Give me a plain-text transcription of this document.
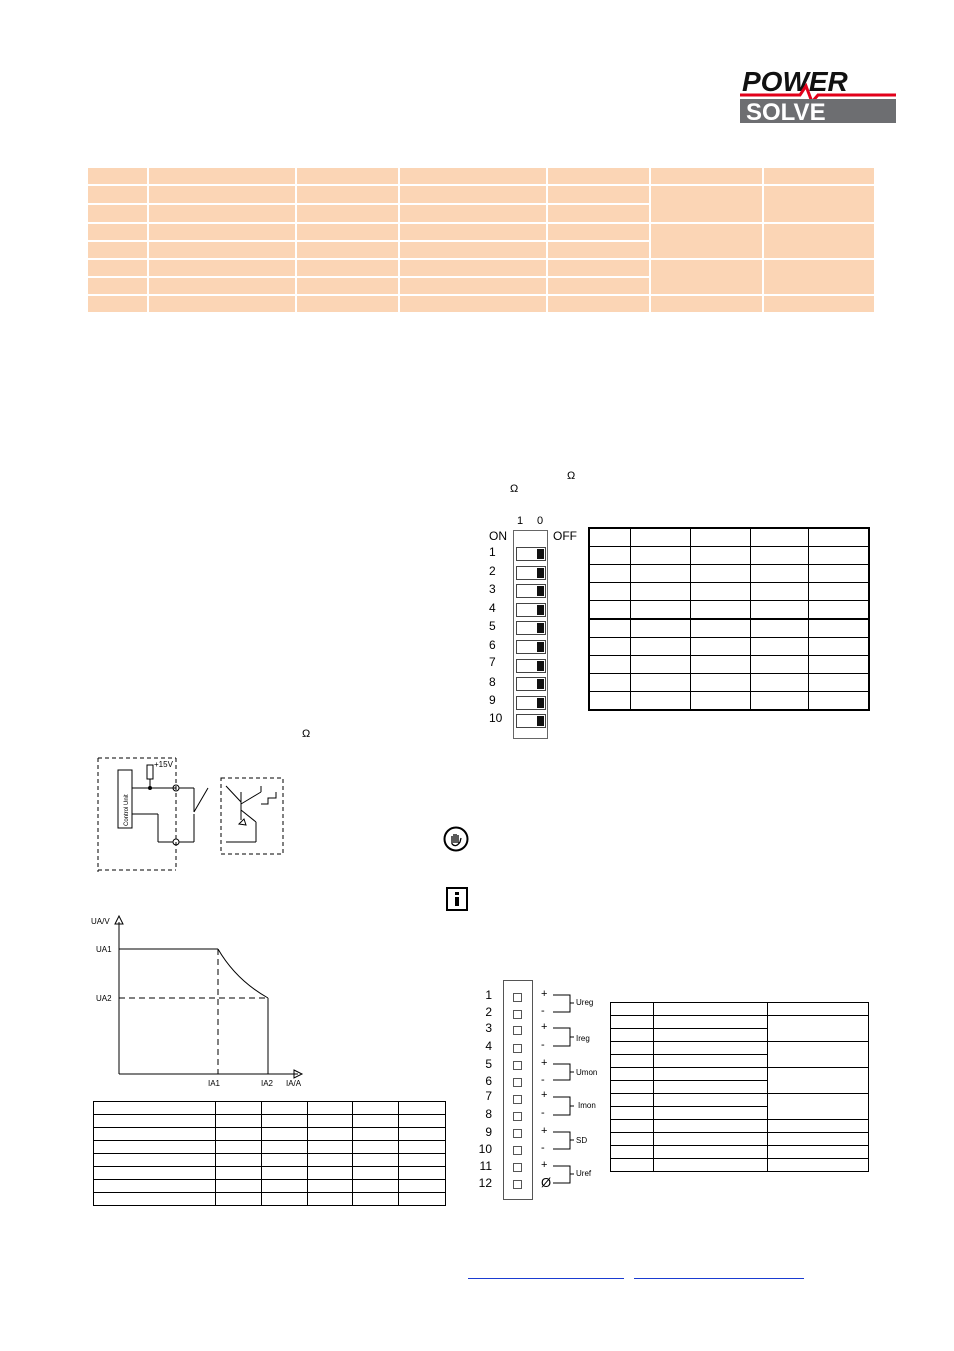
POWER
SOLVE

Ω
Ω
Ω
1 0
ON	OFF
1
2
3
4
5
6
7
8
9
10

+15V
Control Unit
UA/V
UA1
UA2
IA1	IA2 IA/A

1
2
3
4
5
6
7
8
9
10
11
12
+
-
+
-
+
-
+
-
+
-
+
Ø
Ureg
Ireg
Umon
Imon
SD
Uref
